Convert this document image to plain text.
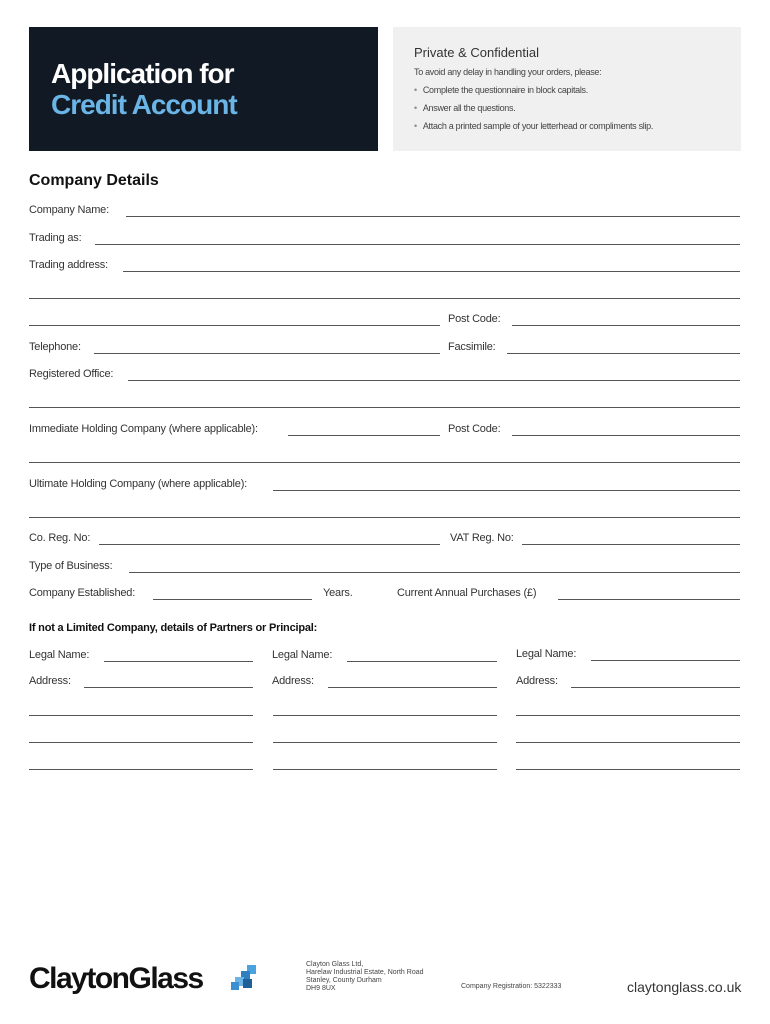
Application for
Credit Account
Private & Confidential
To avoid any delay in handling your orders, please:
• Complete the questionnaire in block capitals.
• Answer all the questions.
• Attach a printed sample of your letterhead or compliments slip.
Company Details
Company Name:
Trading as:
Trading address:
Post Code:
Telephone:	Facsimile:
Registered Office:
Immediate Holding Company (where applicable):	Post Code:
Ultimate Holding Company (where applicable):
Co. Reg. No:	VAT Reg. No:
Type of Business:
Company Established:	Years.	Current Annual Purchases (£)
If not a Limited Company, details of Partners or Principal:
Legal Name:
Address:
Legal Name:
Address:
Legal Name:
Address:
ClaytonGlass	Clayton Glass Ltd,
Harelaw Industrial Estate, North Road
Stanley, County Durham
DH9 8UX	Company Registration: 5322333	claytonglass.co.uk
